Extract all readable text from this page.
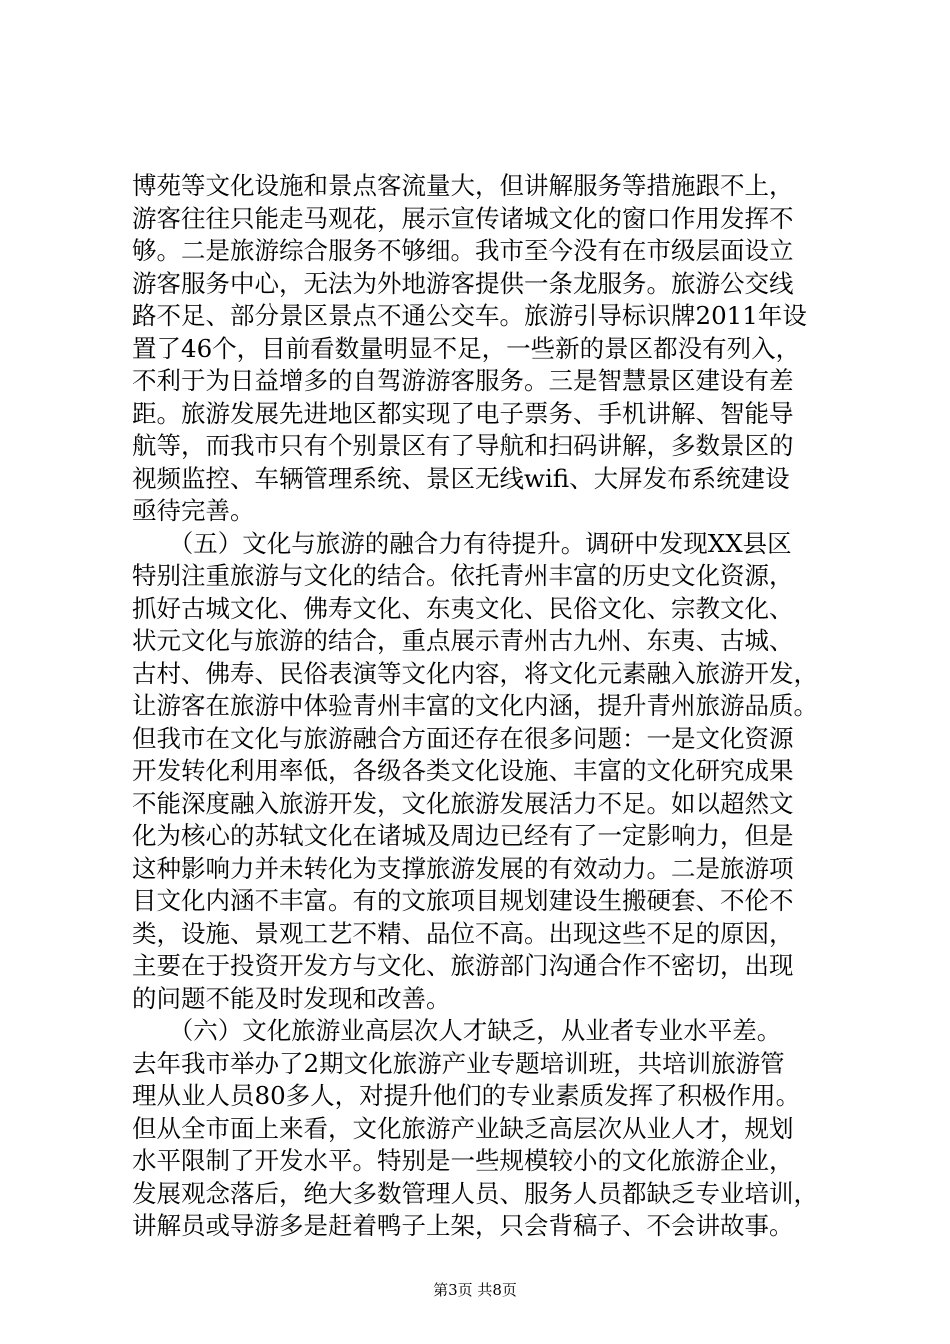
博苑等文化设施和景点客流量大，但讲解服务等措施跟不上，
游客往往只能走马观花，展示宣传诸城文化的窗口作用发挥不
够。二是旅游综合服务不够细。我市至今没有在市级层面设立
游客服务中心，无法为外地游客提供一条龙服务。旅游公交线
路不足、部分景区景点不通公交车。旅游引导标识牌2011年设
置了46个，目前看数量明显不足，一些新的景区都没有列入，
不利于为日益增多的自驾游游客服务。三是智慧景区建设有差
距。旅游发展先进地区都实现了电子票务、手机讲解、智能导
航等，而我市只有个别景区有了导航和扫码讲解，多数景区的
视频监控、车辆管理系统、景区无线wifi、大屏发布系统建设
亟待完善。
　　（五）文化与旅游的融合力有待提升。调研中发现XX县区
特别注重旅游与文化的结合。依托青州丰富的历史文化资源，
抓好古城文化、佛寿文化、东夷文化、民俗文化、宗教文化、
状元文化与旅游的结合，重点展示青州古九州、东夷、古城、
古村、佛寿、民俗表演等文化内容，将文化元素融入旅游开发，
让游客在旅游中体验青州丰富的文化内涵，提升青州旅游品质。
但我市在文化与旅游融合方面还存在很多问题：一是文化资源
开发转化利用率低，各级各类文化设施、丰富的文化研究成果
不能深度融入旅游开发，文化旅游发展活力不足。如以超然文
化为核心的苏轼文化在诸城及周边已经有了一定影响力，但是
这种影响力并未转化为支撑旅游发展的有效动力。二是旅游项
目文化内涵不丰富。有的文旅项目规划建设生搬硬套、不伦不
类，设施、景观工艺不精、品位不高。出现这些不足的原因，
主要在于投资开发方与文化、旅游部门沟通合作不密切，出现
的问题不能及时发现和改善。
　　（六）文化旅游业高层次人才缺乏，从业者专业水平差。
去年我市举办了2期文化旅游产业专题培训班，共培训旅游管
理从业人员80多人，对提升他们的专业素质发挥了积极作用。
但从全市面上来看，文化旅游产业缺乏高层次从业人才，规划
水平限制了开发水平。特别是一些规模较小的文化旅游企业，
发展观念落后，绝大多数管理人员、服务人员都缺乏专业培训，
讲解员或导游多是赶着鸭子上架，只会背稿子、不会讲故事。
第3页 共8页
